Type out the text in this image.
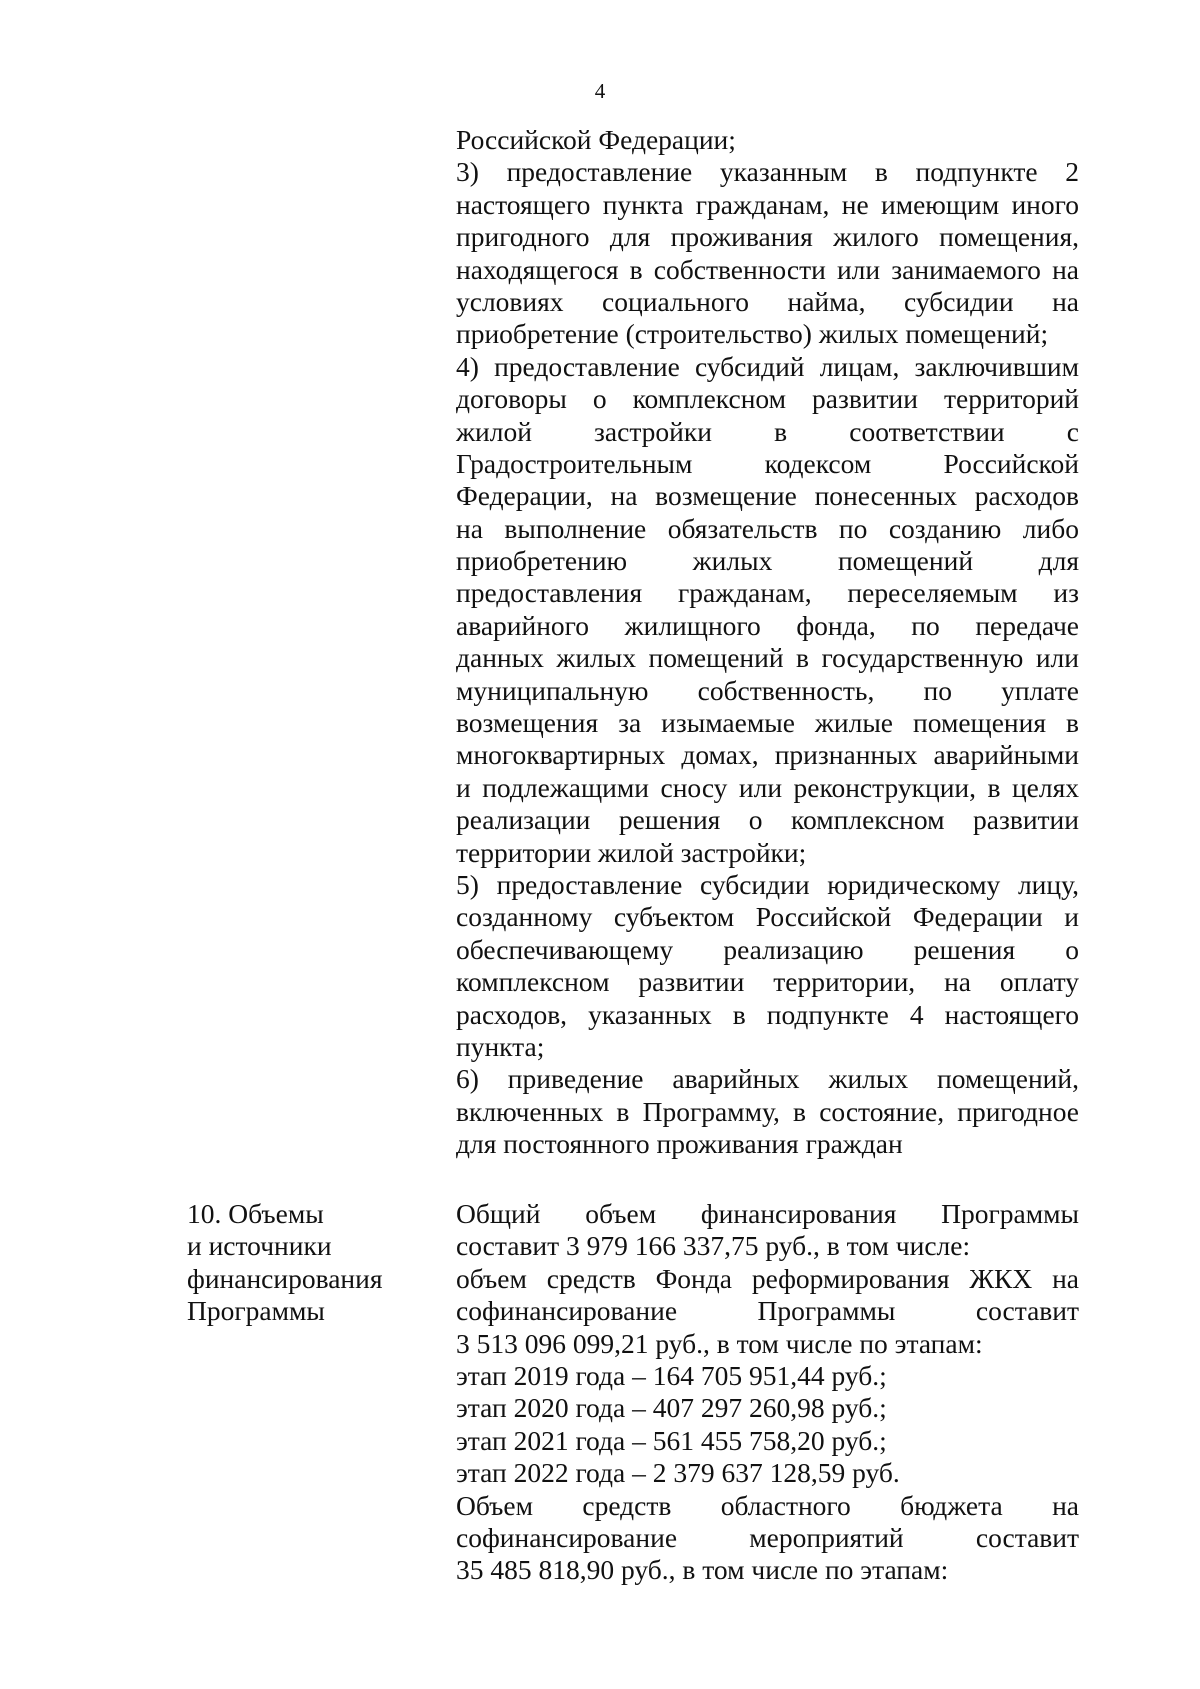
4
Российской Федерации;
3) предоставление указанным в подпункте 2
настоящего пункта гражданам, не имеющим иного
пригодного для проживания жилого помещения,
находящегося в собственности или занимаемого на
условиях социального найма, субсидии на
приобретение (строительство) жилых помещений;
4) предоставление субсидий лицам, заключившим
договоры о комплексном развитии территорий
жилой застройки в соответствии с
Градостроительным кодексом Российской
Федерации, на возмещение понесенных расходов
на выполнение обязательств по созданию либо
приобретению жилых помещений для
предоставления гражданам, переселяемым из
аварийного жилищного фонда, по передаче
данных жилых помещений в государственную или
муниципальную собственность, по уплате
возмещения за изымаемые жилые помещения в
многоквартирных домах, признанных аварийными
и подлежащими сносу или реконструкции, в целях
реализации решения о комплексном развитии
территории жилой застройки;
5) предоставление субсидии юридическому лицу,
созданному субъектом Российской Федерации и
обеспечивающему реализацию решения о
комплексном развитии территории, на оплату
расходов, указанных в подпункте 4 настоящего
пункта;
6) приведение аварийных жилых помещений,
включенных в Программу, в состояние, пригодное
для постоянного проживания граждан
10. Объемы
и источники
финансирования
Программы
Общий объем финансирования Программы
составит 3 979 166 337,75 руб., в том числе:
объем средств Фонда реформирования ЖКХ на
софинансирование Программы составит
3 513 096 099,21 руб., в том числе по этапам:
этап 2019 года – 164 705 951,44 руб.;
этап 2020 года – 407 297 260,98 руб.;
этап 2021 года – 561 455 758,20 руб.;
этап 2022 года – 2 379 637 128,59 руб.
Объем средств областного бюджета на
софинансирование мероприятий составит
35 485 818,90 руб., в том числе по этапам:
